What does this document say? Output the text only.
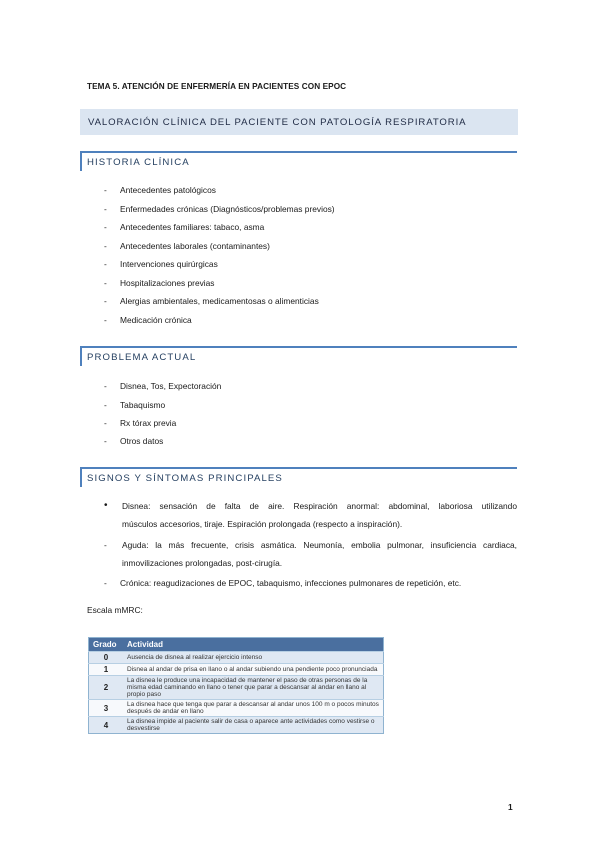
TEMA 5. ATENCIÓN DE ENFERMERÍA EN PACIENTES CON EPOC
VALORACIÓN CLÍNICA DEL PACIENTE CON PATOLOGÍA RESPIRATORIA
HISTORIA CLÍNICA
- Antecedentes patológicos
- Enfermedades crónicas (Diagnósticos/problemas previos)
- Antecedentes familiares: tabaco, asma
- Antecedentes laborales (contaminantes)
- Intervenciones quirúrgicas
- Hospitalizaciones previas
- Alergias ambientales, medicamentosas o alimenticias
- Medicación crónica
PROBLEMA ACTUAL
- Disnea, Tos, Expectoración
- Tabaquismo
- Rx tórax previa
- Otros datos
SIGNOS Y SÍNTOMAS PRINCIPALES
• Disnea: sensación de falta de aire. Respiración anormal: abdominal, laboriosa utilizando
músculos accesorios, tiraje. Espiración prolongada (respecto a inspiración).
- Aguda: la más frecuente, crisis asmática. Neumonía, embolia pulmonar, insuficiencia cardiaca,
inmovilizaciones prolongadas, post-cirugía.
- Crónica: reagudizaciones de EPOC, tabaquismo, infecciones pulmonares de repetición, etc.
Escala mMRC:
Grado	Actividad
0	Ausencia de disnea al realizar ejercicio intenso
1	Disnea al andar de prisa en llano o al andar subiendo una pendiente poco pronunciada
2	La disnea le produce una incapacidad de mantener el paso de otras personas de la misma edad caminando en llano o tener que parar a descansar al andar en llano al propio paso
3	La disnea hace que tenga que parar a descansar al andar unos 100 m o pocos minutos después de andar en llano
4	La disnea impide al paciente salir de casa o aparece ante actividades como vestirse o desvestirse
1
